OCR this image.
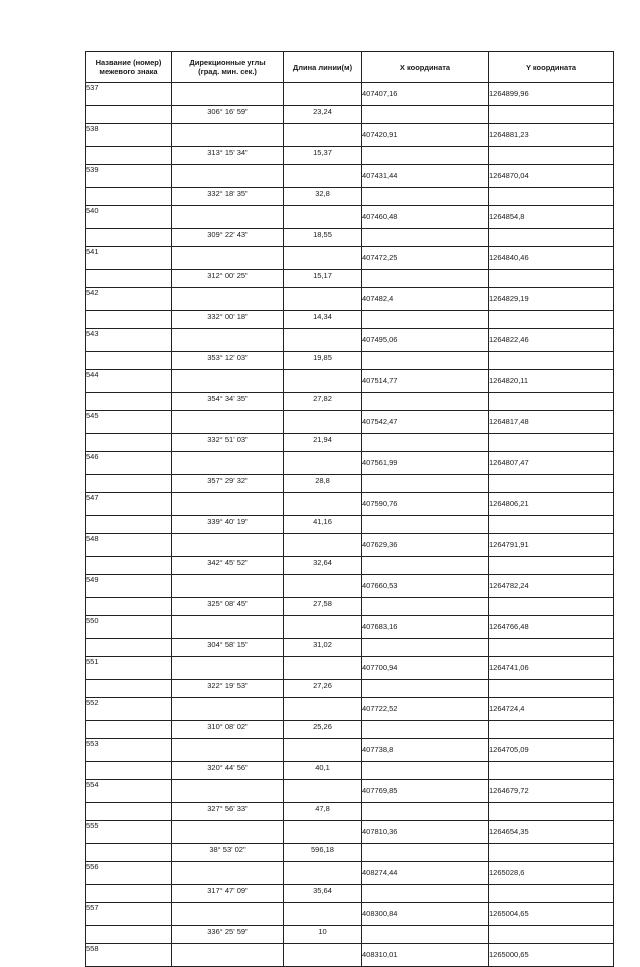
Название (номер)
межевого знака	Дирекционные углы
(град. мин. сек.)	Длина линии(м)	X координата	Y координата

537			407407,16	1264899,96
	306° 16' 59"	23,24		
538			407420,91	1264881,23
	313° 15' 34"	15,37		
539			407431,44	1264870,04
	332° 18' 35"	32,8		
540			407460,48	1264854,8
	309° 22' 43"	18,55		
541			407472,25	1264840,46
	312° 00' 25"	15,17		
542			407482,4	1264829,19
	332° 00' 18"	14,34		
543			407495,06	1264822,46
	353° 12' 03"	19,85		
544			407514,77	1264820,11
	354° 34' 35"	27,82		
545			407542,47	1264817,48
	332° 51' 03"	21,94		
546			407561,99	1264807,47
	357° 29' 32"	28,8		
547			407590,76	1264806,21
	339° 40' 19"	41,16		
548			407629,36	1264791,91
	342° 45' 52"	32,64		
549			407660,53	1264782,24
	325° 08' 45"	27,58		
550			407683,16	1264766,48
	304° 58' 15"	31,02		
551			407700,94	1264741,06
	322° 19' 53"	27,26		
552			407722,52	1264724,4
	310° 08' 02"	25,26		
553			407738,8	1264705,09
	320° 44' 56"	40,1		
554			407769,85	1264679,72
	327° 56' 33"	47,8		
555			407810,36	1264654,35
	38° 53' 02"	596,18		
556			408274,44	1265028,6
	317° 47' 09"	35,64		
557			408300,84	1265004,65
	336° 25' 59"	10		
558			408310,01	1265000,65
